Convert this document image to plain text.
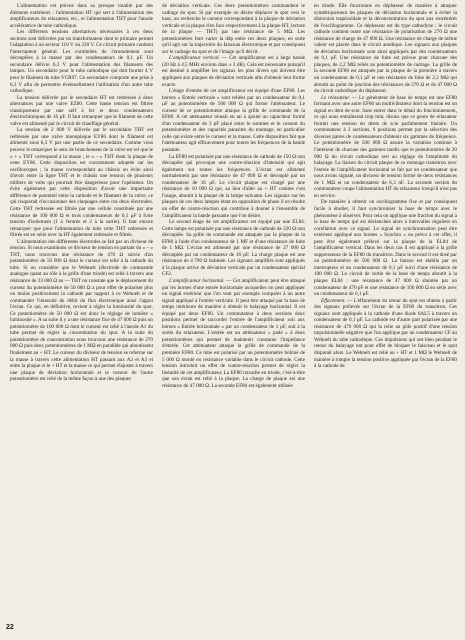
L'alimentation est prévue dans sa presque totalité par des éléments extérieurs : l'alimentation HT qui sert à l'alimentation des amplificateurs du relaxateur, etc., et l'alimentation THT pour l'anode accélératrice de tube cathodique.

Les différents tensions alternatives nécessaires à ces deux sections sont délivrées par un transformateur dont le primaire permet l'adaptation à un secteur 110 V ou 220 V. Ce circuit primaire contient l'interrupteur général. Les extrémités de l'enroulement sont découplées à la masse par des condensateurs de 0,1 µF. Un secondaire délivre 6,3 V pour l'alimentation des filaments des lampes. Un secondaire pour le tube cathodique qui doit fournir 4 V pour le filament du tube VCR97. Ce secondaire comporte une prise à 6,3 V afin de permettre éventuellement l'utilisation d'un autre tube cathodique.

La tension délivrée par le secondaire HT est redressée à deux alternances par une valve EZ80. Cette haute tension est filtrée classiquement par une self à fer et deux condensateurs électrochimiques de 16 µF. Il faut remarquer que le filament de cette valve est alimenté par le circuit de chauffage général.

La tension de 2 000 V délivrée par le secondaire THT est redressée par une valve monoplaque EY86 dont le filament est alimenté sous 6,3 V par une partie de ce secondaire. Comme vous pouvez le remarquer le sens de branchement de la valve est tel que le « + » THT correspond à la masse ; le « – » THT étant la plaque de cette EY86. Cette disposition est couramment adoptée sur les oscilloscopes ; la masse correspondant au châssis on évite ainsi d'avoir entre la ligne THT et le châssis une tension de plusieurs milliers de volts qui pourrait être dangereuse pour l'opérateur. On évite également par cette disposition d'avoir une importante différence de potentiel entre la cathode et le filament de la valve, ce qui risquerait d'occasionner des claquages entre ces deux électrodes. Cette THT redressée est filtrée par une cellule constituée par une résistance de 100 000 Ω et trois condensateurs de 0,1 µF à forte tension d'isolement (1 à l'entrée et 2 à la sortie). Il faut encore remarquer que pour l'alimentation du tube cette THT redressée et filtrée est en série avec la HT également redressée et filtrée.

L'alimentation des différentes électrodes se fait par un diviseur de tension. Si nous examinons ce diviseur de tension en partant du « – » THT, nous trouvons une résistance de 470 Ω suivie d'un potentiomètre de 50 000 Ω dont le curseur est relié à la cathode du tube. Si on considère que le Wehnelt (électrode de commande analogue quant au rôle à la grille d'une triode) est relié à travers une résistance de 33 000 Ω au — THT on constate que le déplacement du curseur du potentiomètre de 50 000 Ω a pour effet de polariser plus ou moins positivement la cathode par rapport à ce Wehnelt et de commander l'intensité du débit du flux électronique ainsi l'appui l'écran. Ce qui, en définitive, revient à régler la luminosité du spot. Ce potentiomètre de 50 000 Ω est donc le réglage de lumière « luminosité ». A sa suite il y a une résistance fixe de 47 000 Ω puis un potentiomètre de 100 000 Ω dont le curseur est relié à l'anode A1 du tube permet de régler la concentration du spot. A la suite du potentiomètre de concentration nous trouvons une résistance de 270 000 Ω puis deux potentiomètres de 1 MΩ en parallèle qui aboutissent finalement au + HT. Le curseur du diviseur de tension se referme sur la masse à travers cette alimentation HT passant aux A2 et A3 et entre la plaque et le + HT et la masse ce qui permet d'ajuster à travers une plaque de déviation horizontale et le curseur de l'autre potentiomètre est relié de la même façon à une des plaques

de déviation verticale. Ces deux potentiomètres commandent le cadrage du spot. Si par exemple on désire déplacer le spot vers le haut, on recherche le curseur correspondant à la plaque de déviation verticale et la plaque d'en face respectivement à la plaque HT, lecture de la plaque — THT) par une résistance de 5 MΩ. Les potentiomètres font varier la ddp entre ces deux plaques, en sorte qu'il agit sur la trajectoire du faisceau électronique et par conséquent sur le cadrage du spot et de l'image qu'il décrit.

L'amplificateur vertical. — Cet amplificateur est à large bande (20 Hz à 4,5 MHz environ dans ± 3 dB). Cela est nécessaire puisqu'il est destiné à amplifier les signaux les plus divers qui doivent être appliqués aux plaques de déviation verticale afin d'obtenir leur forme exacte.

L'étage d'entrée de cet amplificateur est équipé d'une EF80. Les bornes « Entrée verticale » sont reliées par un condensateur de 0,1 µF au potentiomètre de 500 000 Ω qui forme l'atténuateur. Le curseur de ce potentiomètre attaque la grille de commande de la EF80. A cet atténuateur réussit en un à ajouté un capaciteur formé d'un condensateur de 3 pF placé entre le sommet et le curseur du potentiomètre et des capacités parasites du montage, en particulier celle qui existe entre le curseur et la masse. Cette disposition fait que l'atténuateur agit efficacement pour toutes les fréquences de la bande passante.

La EF80 est polarisée par une résistance de cathode de 150 Ω non découplée qui provoque une contre-réaction d'intensité qui agit également sur toutes les fréquences. L'écran est alimenté normalement par une résistance de 47 000 Ω et découplé par un condensateur de 16 µF. Le circuit plaque est chargé par une résistance de 10 000 Ω qui, au lieu d'aller au + HT comme c'est l'usage, aboutit à la plaque de la lampe suivante. Les signaux sur les plaques de ces deux lampes étant en opposition de phase il en résulte un effet de contre-réaction qui contribue à donner à l'ensemble de l'amplificateur la bande passante que l'on désire.

Le second étage de cet amplificateur est équipé par une EL84. Cette lampe est polarisée par une résistance de cathode de 220 Ω non découplée. Sa grille de commande est attaquée par la plaque de la EF80 à l'aide d'un condensateur de 1 MF et d'une résistance de fuite de 1 MΩ. L'écran est alimenté par une résistance de 27 000 Ω découplée par un condensateur de 16 µF. La charge plaque est une résistance de 4 700 Ω bobinée. Les signaux amplifiés sont appliqués à la plaque active de déviation verticale par un condensateur spécial CF2.

L'amplificateur horizontal. — Cet amplificateur peut être attaqué par les bornes d'une entrée horizontale auxquelles on peut appliquer un signal extérieur que l'on veut par exemple comparer à un autre signal appliqué à l'entrée verticale. Il peut être attaqué par la base de temps intérieure de manière à obtenir le balayage horizontal. Il est équipé par deux EF80. Un commutateur à deux sections deux positions permet de raccorder l'entrée de l'amplificateur soit aux bornes « Entrée horizontale » par un condensateur de 1 µF, soit à la sortie du relaxateur. L'entrée est un atténuateur « padé » à deux potentiomètres qui permet de maintenir constante l'impédance d'entrée. Cet atténuateur attaque la grille de commande de la première EF80. Ce tube est polarisé par un potentiomètre bobiné de 5 000 Ω monté en résistance variable dans le circuit cathode. Cette tension introduit un effet de contre-réaction permet de régler la linéarité de cet amplificateur. La EF80 travaille en triode, c'est-à-dire que son écran est relié à la plaque. La charge de plaque est une résistance de 47 000 Ω. La seconde EF80 est également utilisée

en triode. Elle fonctionne en déphaseur de manière à attaquer symétriquement les plaques de déviation horizontale et à éviter la distorsion trapézoïdale et la déconcentration du spot aux extrémités de l'oscillogramme. Ce déphaseur est du type cathodyne ; le circuit cathode contient outre une résistance de polarisation de 270 Ω une résistance de charge de 47 000 Ω. Une résistance de charge de même valeur est placée dans le circuit anodique. Les signaux aux plaques de déviation horizontale sont ainsi appliqués par des condensateurs de 0,1 µF. Une résistance de fuite est prévue pour chacune des plaques, de 2,2 MΩ reliés au potentiomètre de cadrage. La grille de la seconde EF80 est attaquée par la plaque de la première à travers un condensateur de 0,1 µF et une résistance de fuite de 2,2 MΩ qui aboutit au point de jonction des résistances de 270 Ω et de 47 000 Ω du circuit cathodique du déphaseur.

Le relaxateur. — Le générateur de base de temps est une EF80 formant avec une autre EF80 un multivibrateur dont la tension est un signal en dent de scie. Sans entrer dans le détail du fonctionnement, ce qui nous entraînerait trop loin, disons que ce genre de relaxateur fournit une tension en dents de scie parfaitement linéaire. Un commutateur à 2 sections, 6 positions permet par la sélection des diverses paires de condensateurs d'obtenir six gammes de fréquence. Le potentiomètre de 500 000 Ω assure la variation continue à l'intérieur de chacune des gammes tandis que le potentiomètre de 20 000 Ω du circuit cathodique sert au réglage de l'amplitude du balayage. La liaison du circuit plaque de ce montage transitron avec l'entrée de l'amplificateur horizontal se fait par un condensateur que nous avons signalé, un diviseur de tension formé de deux résistances de 1 MΩ et un condensateur de 6,3 nF. La seconde section du commutateur coupe l'alimentation HT du relaxateur lorsqu'il n'est pas en service.

De manière à obtenir un oscillogramme fixe et par conséquent facile à étudier, il faut synchroniser la base de temps avec le phénomène à observer. Pour cela on applique une fraction du signal à la base de temps qui est déclenchée alors à intervalles réguliers en corrélation avec ce signal. Le signal de synchronisation peut être extérieur appliqué aux bornes « Synchro » ou prévu à cet effet, il peut être également prélevé sur la plaque de la EL84 de l'amplificateur vertical. Dans les deux cas il est appliqué à la grille suppresseuse de la EF80 du transitron. Dans le second il est dosé par un potentiomètre de 500 000 Ω. La liaison est établie par un interrupteur et un condensateur de 0,1 µF suivi d'une résistance de 100 000 Ω. Le circuit de sortie de la base de temps aboutit à la plaque EL84 : une résistance de 47 000 Ω shuntée par un condensateur de 470 pF et une résistance de 100 000 Ω en série avec un condensateur de 0,1 µF.

Effacement. — L'effacement du retour du spot est obtenu à partir des signaux prélevés sur l'écran de la EF80 du transitron. Ces signaux sont appliqués à la cathode d'une diode 6AL5 à travers un condensateur de 0,1 µF. La cathode est d'autre part polarisée par une résistance de 470 000 Ω qui la relie au pôle positif d'une tension impulsionnelle négative que l'on applique par un condensateur CF au Wehnelt du tube cathodique. Ces impulsions qui ont bien pendant le retour du balayage ont pour effet de bloquer le faisceau et le spot disparaît alors. Le Wehnelt est relié au + HT et 1 MΩ le Wehnelt de manière à rompre la tension positive appliquée par l'écran de la EF80 à la cathode de

22
